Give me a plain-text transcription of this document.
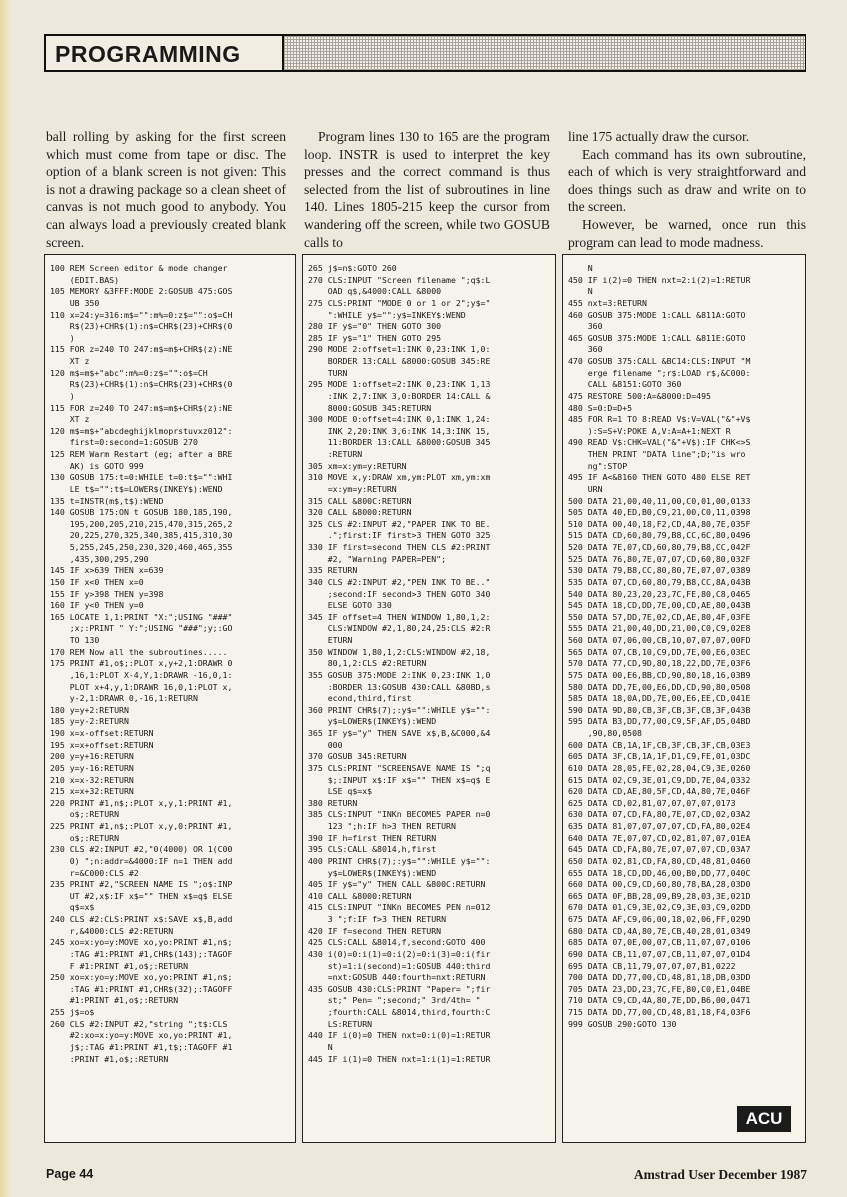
PROGRAMMING

ball rolling by asking for the first screen which must come from tape or disc. The option of a blank screen is not given: This is not a drawing package so a clean sheet of canvas is not much good to anybody. You can always load a previously created blank screen.

Program lines 130 to 165 are the program loop. INSTR is used to interpret the key presses and the correct command is thus selected from the list of subroutines in line 140. Lines 1805-215 keep the cursor from wandering off the screen, while two GOSUB calls to

line 175 actually draw the cursor.

Each command has its own subroutine, each of which is very straightforward and does things such as draw and write on to the screen.

However, be warned, once run this program can lead to mode madness.

100 REM Screen editor & mode changer
(EDIT.BAS)
105 MEMORY &3FFF:MODE 2:GOSUB 475:GOS
UB 350
110 x=24:y=316:m$="":m%=0:z$="":o$=CH
R$(23)+CHR$(1):n$=CHR$(23)+CHR$(0
)
115 FOR z=240 TO 247:m$=m$+CHR$(z):NE
XT z
120 m$=m$+"abc":m%=0:z$="":o$=CH
R$(23)+CHR$(1):n$=CHR$(23)+CHR$(0
)
115 FOR z=240 TO 247:m$=m$+CHR$(z):NE
XT z
120 m$=m$+"abcdeghijklmoprstuvxz012":
first=0:second=1:GOSUB 270
125 REM Warm Restart (eg; after a BRE
AK) is GOTO 999
130 GOSUB 175:t=0:WHILE t=0:t$="":WHI
LE t$="":t$=LOWER$(INKEY$):WEND
135 t=INSTR(m$,t$):WEND
140 GOSUB 175:ON t GOSUB 180,185,190,
195,200,205,210,215,470,315,265,2
20,225,270,325,340,385,415,310,30
5,255,245,250,230,320,460,465,355
,435,300,295,290
145 IF x>639 THEN x=639
150 IF x<0 THEN x=0
155 IF y>398 THEN y=398
160 IF y<0 THEN y=0
165 LOCATE 1,1:PRINT "X:";USING "###"
;x;:PRINT " Y:";USING "###";y;:GO
TO 130
170 REM Now all the subroutines.....
175 PRINT #1,o$;:PLOT x,y+2,1:DRAWR 0
,16,1:PLOT X-4,Y,1:DRAWR -16,0,1:
PLOT x+4,y,1:DRAWR 16,0,1:PLOT x,
y-2,1:DRAWR 0,-16,1:RETURN
180 y=y+2:RETURN
185 y=y-2:RETURN
190 x=x-offset:RETURN
195 x=x+offset:RETURN
200 y=y+16:RETURN
205 y=y-16:RETURN
210 x=x-32:RETURN
215 x=x+32:RETURN
220 PRINT #1,n$;:PLOT x,y,1:PRINT #1,
o$;:RETURN
225 PRINT #1,n$;:PLOT x,y,0:PRINT #1,
o$;:RETURN
230 CLS #2:INPUT #2,"0(4000) OR 1(C00
0) ";n:addr=&4000:IF n=1 THEN add
r=&C000:CLS #2
235 PRINT #2,"SCREEN NAME IS ";o$:INP
UT #2,x$:IF x$="" THEN x$=q$ ELSE
q$=x$
240 CLS #2:CLS:PRINT x$:SAVE x$,B,add
r,&4000:CLS #2:RETURN
245 xo=x:yo=y:MOVE xo,yo:PRINT #1,n$;
:TAG #1:PRINT #1,CHR$(143);:TAGOF
F #1:PRINT #1,o$;:RETURN
250 xo=x:yo=y:MOVE xo,yo:PRINT #1,n$;
:TAG #1:PRINT #1,CHR$(32);:TAGOFF
#1:PRINT #1,o$;:RETURN
255 j$=o$
260 CLS #2:INPUT #2,"string ";t$:CLS
#2:xo=x:yo=y:MOVE xo,yo:PRINT #1,
j$;:TAG #1:PRINT #1,t$;:TAGOFF #1
:PRINT #1,o$;:RETURN
265 j$=n$:GOTO 260
270 CLS:INPUT "Screen filename ";q$:L
OAD q$,&4000:CALL &8000
275 CLS:PRINT "MODE 0 or 1 or 2";y$="
":WHILE y$="":y$=INKEY$:WEND
280 IF y$="0" THEN GOTO 300
285 IF y$="1" THEN GOTO 295
290 MODE 2:offset=1:INK 0,23:INK 1,0:
BORDER 13:CALL &8000:GOSUB 345:RE
TURN
295 MODE 1:offset=2:INK 0,23:INK 1,13
:INK 2,7:INK 3,0:BORDER 14:CALL &
8000:GOSUB 345:RETURN
300 MODE 0:offset=4:INK 0,1:INK 1,24:
INK 2,20:INK 3,6:INK 14,3:INK 15,
11:BORDER 13:CALL &8000:GOSUB 345
:RETURN
305 xm=x:ym=y:RETURN
310 MOVE x,y:DRAW xm,ym:PLOT xm,ym:xm
=x:ym=y:RETURN
315 CALL &800C:RETURN
320 CALL &8000:RETURN
325 CLS #2:INPUT #2,"PAPER INK TO BE.
.";first:IF first>3 THEN GOTO 325
330 IF first=second THEN CLS #2:PRINT
#2, "Warning PAPER=PEN";
335 RETURN
340 CLS #2:INPUT #2,"PEN INK TO BE.."
;second:IF second>3 THEN GOTO 340
ELSE GOTO 330
345 IF offset=4 THEN WINDOW 1,80,1,2:
CLS:WINDOW #2,1,80,24,25:CLS #2:R
ETURN
350 WINDOW 1,80,1,2:CLS:WINDOW #2,18,
80,1,2:CLS #2:RETURN
355 GOSUB 375:MODE 2:INK 0,23:INK 1,0
:BORDER 13:GOSUB 430:CALL &80BD,s
econd,third,first
360 PRINT CHR$(7);:y$="":WHILE y$="":
y$=LOWER$(INKEY$):WEND
365 IF y$="y" THEN SAVE x$,B,&C000,&4
000
370 GOSUB 345:RETURN
375 CLS:PRINT "SCREENSAVE NAME IS ";q
$;:INPUT x$:IF x$="" THEN x$=q$ E
LSE q$=x$
380 RETURN
385 CLS:INPUT "INKn BECOMES PAPER n=0
123 ";h:IF h>3 THEN RETURN
390 IF h=first THEN RETURN
395 CLS:CALL &8014,h,first
400 PRINT CHR$(7);:y$="":WHILE y$="":
y$=LOWER$(INKEY$):WEND
405 IF y$="y" THEN CALL &800C:RETURN
410 CALL &8000:RETURN
415 CLS:INPUT "INKn BECOMES PEN n=012
3 ";f:IF f>3 THEN RETURN
420 IF f=second THEN RETURN
425 CLS:CALL &8014,f,second:GOTO 400
430 i(0)=0:i(1)=0:i(2)=0:i(3)=0:i(fir
st)=1:i(second)=1:GOSUB 440:third
=nxt:GOSUB 440:fourth=nxt:RETURN
435 GOSUB 430:CLS:PRINT "Paper= ";fir
st;" Pen= ";second;" 3rd/4th= "
;fourth:CALL &8014,third,fourth:C
LS:RETURN
440 IF i(0)=0 THEN nxt=0:i(0)=1:RETUR
N
445 IF i(1)=0 THEN nxt=1:i(1)=1:RETUR
N
450 IF i(2)=0 THEN nxt=2:i(2)=1:RETUR
N
455 nxt=3:RETURN
460 GOSUB 375:MODE 1:CALL &811A:GOTO
360
465 GOSUB 375:MODE 1:CALL &811E:GOTO
360
470 GOSUB 375:CALL &BC14:CLS:INPUT "M
erge filename ";r$:LOAD r$,&C000:
CALL &8151:GOTO 360
475 RESTORE 500:A=&8000:D=495
480 S=0:D=D+5
485 FOR R=1 TO 8:READ V$:V=VAL("&"+V$
):S=S+V:POKE A,V:A=A+1:NEXT R
490 READ V$:CHK=VAL("&"+V$):IF CHK<>S
THEN PRINT "DATA line";D;"is wro
ng":STOP
495 IF A<&8160 THEN GOTO 480 ELSE RET
URN
500 DATA 21,00,40,11,00,C0,01,00,0133
505 DATA 40,ED,B0,C9,21,00,C0,11,0398
510 DATA 00,40,18,F2,CD,4A,80,7E,035F
515 DATA CD,60,80,79,B8,CC,6C,80,0496
520 DATA 7E,07,CD,60,80,79,B8,CC,042F
525 DATA 76,80,7E,07,07,CD,60,80,032F
530 DATA 79,B8,CC,80,80,7E,07,07,0389
535 DATA 07,CD,60,80,79,B8,CC,8A,043B
540 DATA 80,23,20,23,7C,FE,80,C8,0465
545 DATA 18,CD,DD,7E,00,CD,AE,80,043B
550 DATA 57,DD,7E,02,CD,AE,80,4F,03FE
555 DATA 21,00,40,DD,21,00,C0,C9,02E8
560 DATA 07,06,00,CB,10,07,07,07,00FD
565 DATA 07,CB,10,C9,DD,7E,00,E6,03EC
570 DATA 77,CD,9D,80,18,22,DD,7E,03F6
575 DATA 00,E6,BB,CD,90,80,18,16,03B9
580 DATA DD,7E,00,E6,DD,CD,90,80,0508
585 DATA 18,0A,DD,7E,00,E6,EE,CD,041E
590 DATA 9D,80,CB,3F,CB,3F,CB,3F,043B
595 DATA B3,DD,77,00,C9,5F,AF,D5,04BD
,90,80,0508
600 DATA CB,1A,1F,CB,3F,CB,3F,CB,03E3
605 DATA 3F,CB,1A,1F,D1,C9,FE,01,03DC
610 DATA 28,05,FE,02,28,04,C9,3E,0260
615 DATA 02,C9,3E,01,C9,DD,7E,04,0332
620 DATA CD,AE,80,5F,CD,4A,80,7E,046F
625 DATA CD,02,81,07,07,07,07,0173
630 DATA 07,CD,FA,80,7E,07,CD,02,03A2
635 DATA 81,07,07,07,07,CD,FA,80,02E4
640 DATA 7E,07,07,CD,02,81,07,07,01EA
645 DATA CD,FA,80,7E,07,07,07,CD,03A7
650 DATA 02,81,CD,FA,80,CD,48,81,0460
655 DATA 18,CD,DD,46,00,B0,DD,77,040C
660 DATA 00,C9,CD,60,80,78,BA,28,03D0
665 DATA 0F,BB,28,09,B9,28,03,3E,021D
670 DATA 01,C9,3E,02,C9,3E,03,C9,02DD
675 DATA AF,C9,06,00,18,02,06,FF,029D
680 DATA CD,4A,80,7E,CB,40,28,01,0349
685 DATA 07,0E,00,07,CB,11,07,07,0106
690 DATA CB,11,07,07,CB,11,07,07,01D4
695 DATA CB,11,79,07,07,07,B1,0222
700 DATA DD,77,00,CD,48,81,18,DB,03DD
705 DATA 23,DD,23,7C,FE,80,C0,E1,04BE
710 DATA C9,CD,4A,80,7E,DD,B6,00,0471
715 DATA DD,77,00,CD,48,81,18,F4,03F6
999 GOSUB 290:GOTO 130
ACU
Page 44	Amstrad User December 1987
